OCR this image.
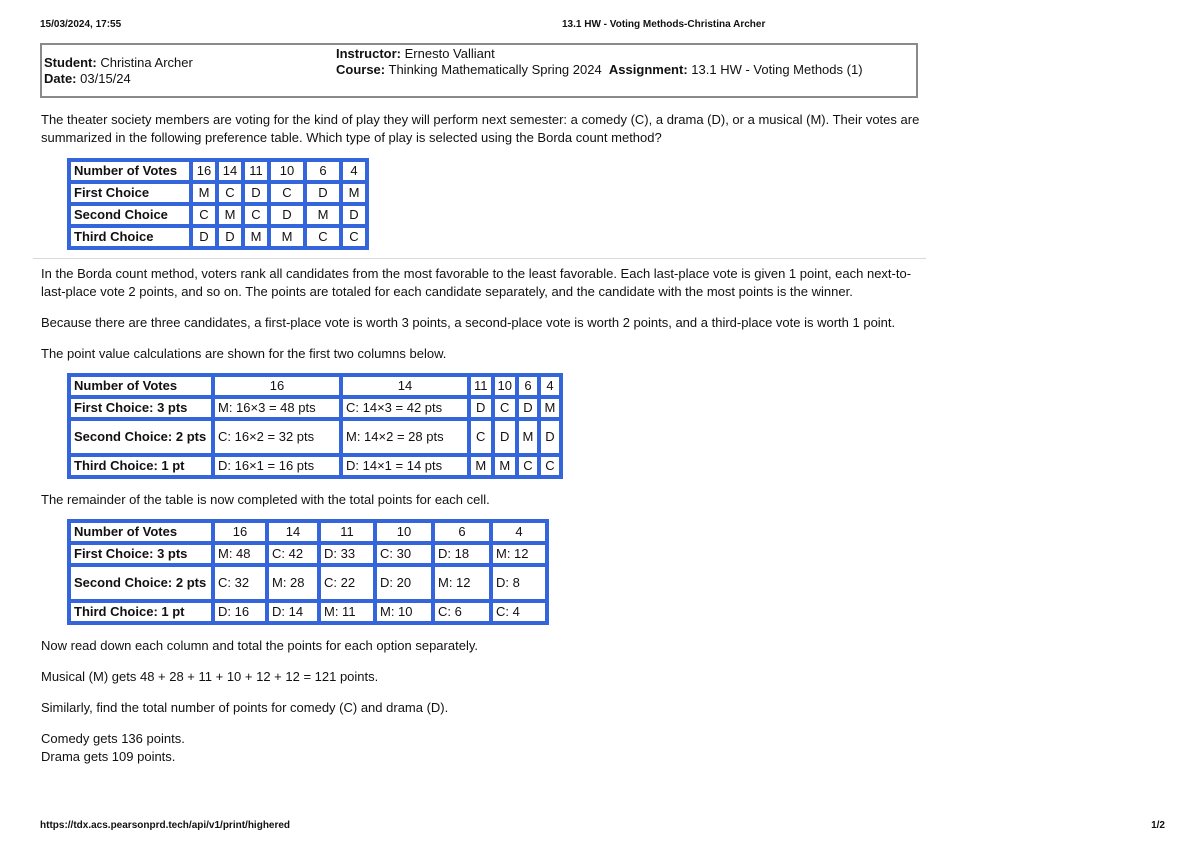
15/03/2024, 17:55	13.1 HW - Voting Methods-Christina Archer
Student: Christina Archer
Date: 03/15/24
Instructor: Ernesto Valliant
Course: Thinking Mathematically Spring 2024 Assignment: 13.1 HW - Voting Methods (1)

The theater society members are voting for the kind of play they will perform next semester: a comedy (C), a drama (D), or a musical (M). Their votes are summarized in the following preference table. Which type of play is selected using the Borda count method?

Number of Votes	16	14	11	10	6	4
First Choice	M	C	D	C	D	M
Second Choice	C	M	C	D	M	D
Third Choice	D	D	M	M	C	C

In the Borda count method, voters rank all candidates from the most favorable to the least favorable. Each last-place vote is given 1 point, each next-to-last-place vote 2 points, and so on. The points are totaled for each candidate separately, and the candidate with the most points is the winner.

Because there are three candidates, a first-place vote is worth 3 points, a second-place vote is worth 2 points, and a third-place vote is worth 1 point.

The point value calculations are shown for the first two columns below.

Number of Votes	16	14	11	10	6	4
First Choice: 3 pts	M: 16×3 = 48 pts	C: 14×3 = 42 pts	D	C	D	M
Second Choice: 2 pts	C: 16×2 = 32 pts	M: 14×2 = 28 pts	C	D	M	D
Third Choice: 1 pt	D: 16×1 = 16 pts	D: 14×1 = 14 pts	M	M	C	C

The remainder of the table is now completed with the total points for each cell.

Number of Votes	16	14	11	10	6	4
First Choice: 3 pts	M: 48	C: 42	D: 33	C: 30	D: 18	M: 12
Second Choice: 2 pts	C: 32	M: 28	C: 22	D: 20	M: 12	D: 8
Third Choice: 1 pt	D: 16	D: 14	M: 11	M: 10	C: 6	C: 4

Now read down each column and total the points for each option separately.

Musical (M) gets 48 + 28 + 11 + 10 + 12 + 12 = 121 points.

Similarly, find the total number of points for comedy (C) and drama (D).

Comedy gets 136 points.

Drama gets 109 points.

https://tdx.acs.pearsonprd.tech/api/v1/print/highered	1/2
